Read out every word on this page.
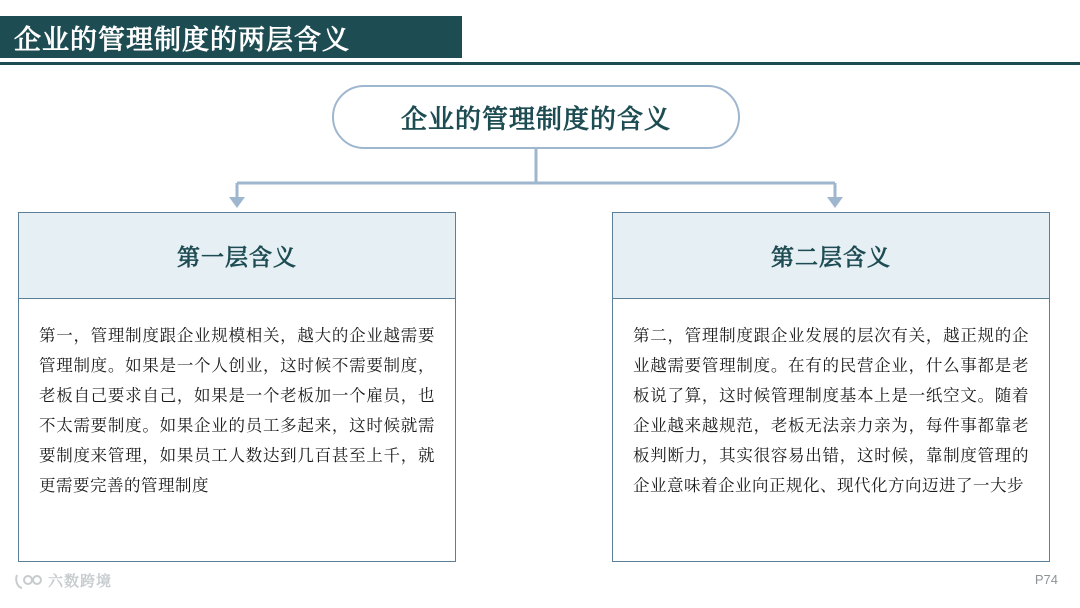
企业的管理制度的两层含义
企业的管理制度的含义
第一层含义
第一，管理制度跟企业规模相关，越大的企业越需要管理制度。如果是一个人创业，这时候不需要制度，老板自己要求自己，如果是一个老板加一个雇员，也不太需要制度。如果企业的员工多起来，这时候就需要制度来管理，如果员工人数达到几百甚至上千，就更需要完善的管理制度
第二层含义
第二，管理制度跟企业发展的层次有关，越正规的企业越需要管理制度。在有的民营企业，什么事都是老板说了算，这时候管理制度基本上是一纸空文。随着企业越来越规范，老板无法亲力亲为，每件事都靠老板判断力，其实很容易出错，这时候，靠制度管理的企业意味着企业向正规化、现代化方向迈进了一大步
六数跨境	P74
